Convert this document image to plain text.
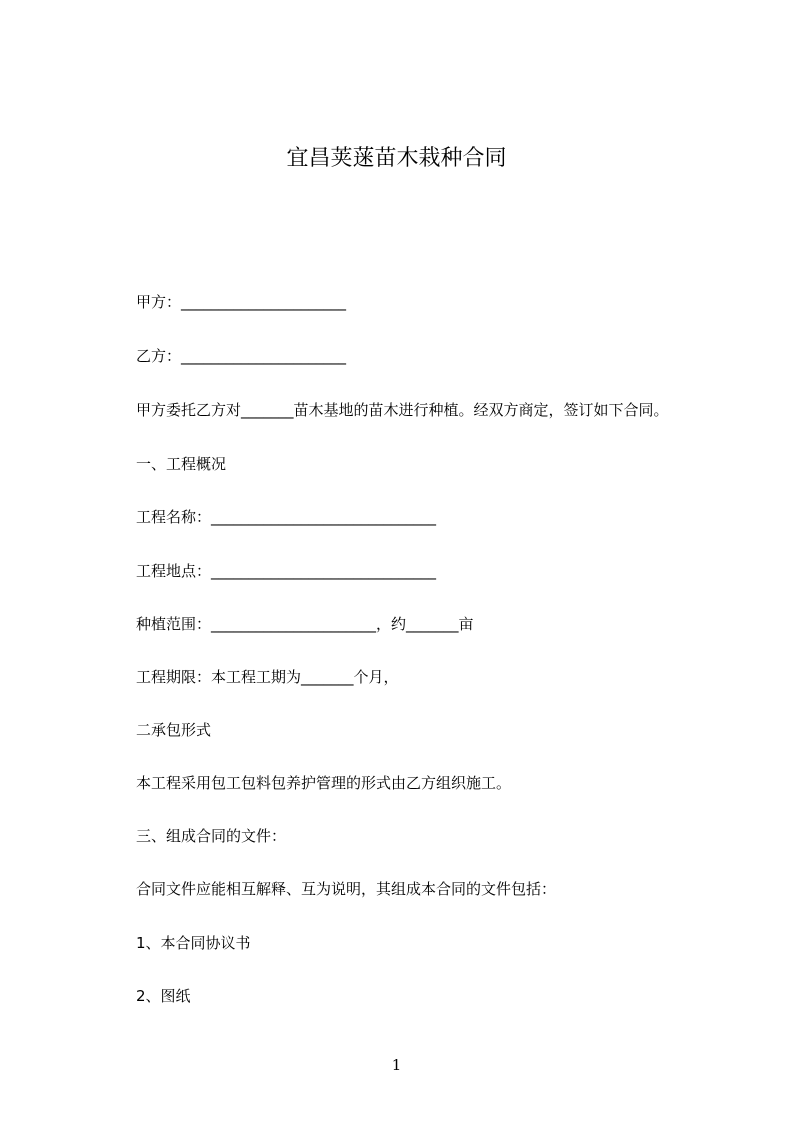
宜昌荚蒾苗木栽种合同
甲方：______________________
乙方：______________________
甲方委托乙方对_______苗木基地的苗木进行种植。经双方商定，签订如下合同。
一、工程概况
工程名称：______________________________
工程地点：______________________________
种植范围：______________________，约_______亩
工程期限：本工程工期为_______个月，
二承包形式
本工程采用包工包料包养护管理的形式由乙方组织施工。
三、组成合同的文件：
合同文件应能相互解释、互为说明，其组成本合同的文件包括：
1、本合同协议书
2、图纸
1
